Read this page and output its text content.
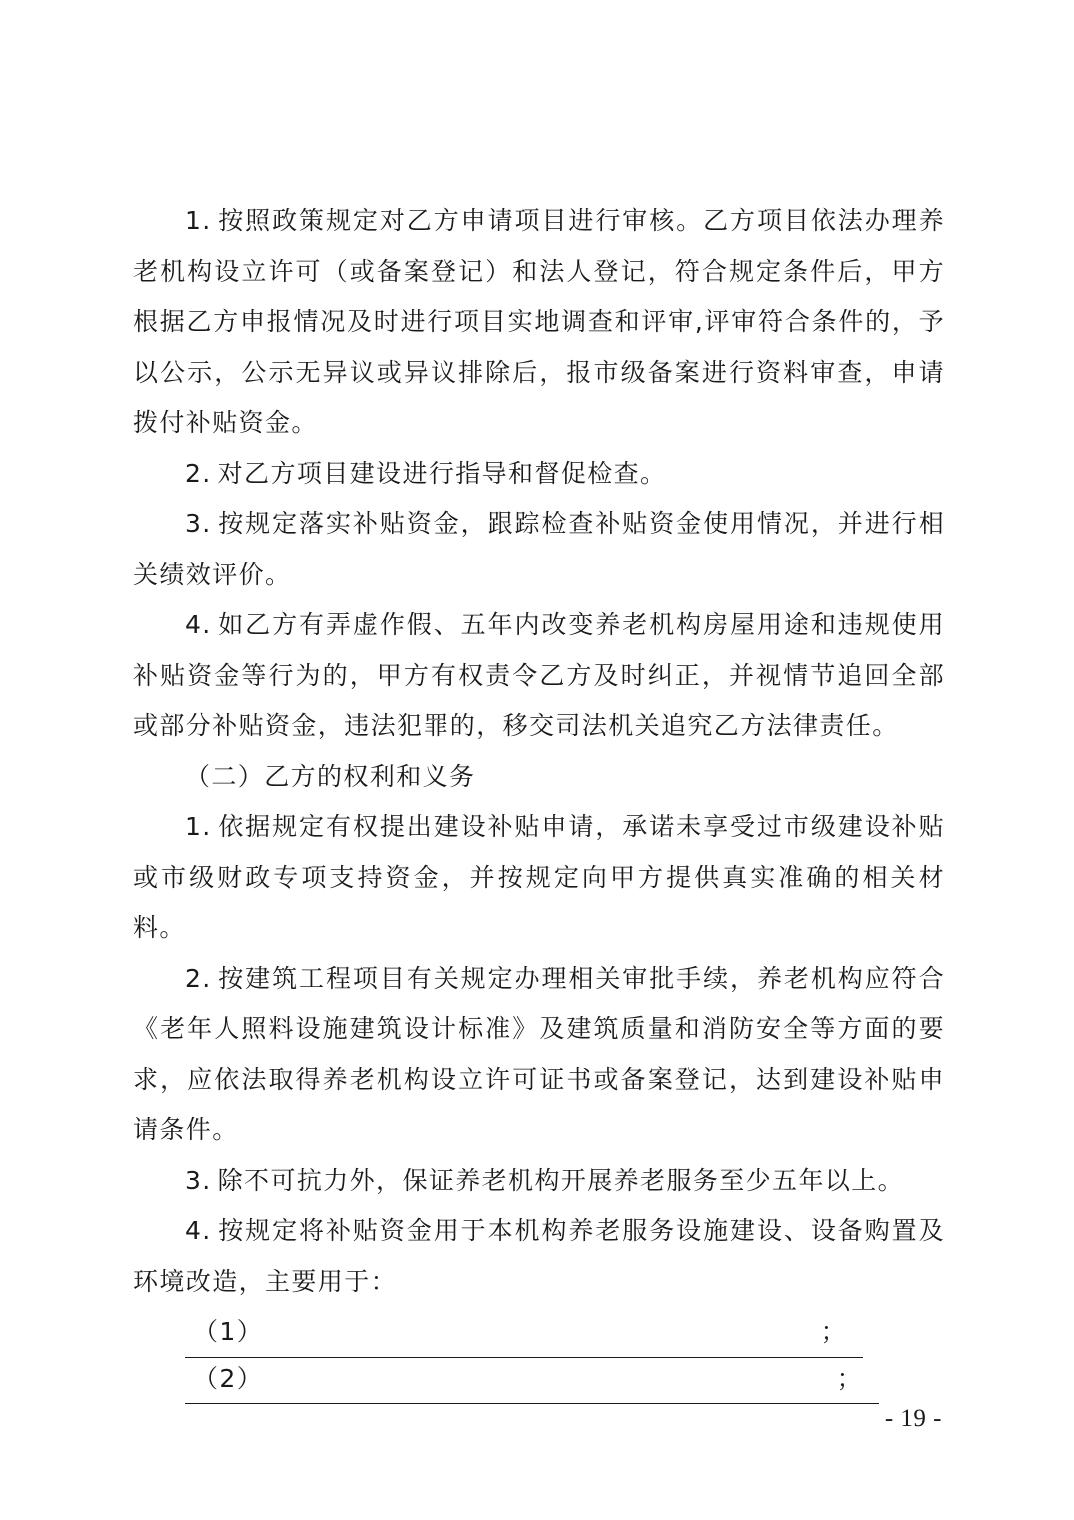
1. 按照政策规定对乙方申请项目进行审核。乙方项目依法办理养老机构设立许可（或备案登记）和法人登记，符合规定条件后，甲方根据乙方申报情况及时进行项目实地调查和评审,评审符合条件的，予以公示，公示无异议或异议排除后，报市级备案进行资料审查，申请拨付补贴资金。

2. 对乙方项目建设进行指导和督促检查。

3. 按规定落实补贴资金，跟踪检查补贴资金使用情况，并进行相关绩效评价。

4. 如乙方有弄虚作假、五年内改变养老机构房屋用途和违规使用补贴资金等行为的，甲方有权责令乙方及时纠正，并视情节追回全部或部分补贴资金，违法犯罪的，移交司法机关追究乙方法律责任。

（二）乙方的权利和义务

1. 依据规定有权提出建设补贴申请，承诺未享受过市级建设补贴或市级财政专项支持资金，并按规定向甲方提供真实准确的相关材料。

2. 按建筑工程项目有关规定办理相关审批手续，养老机构应符合《老年人照料设施建筑设计标准》及建筑质量和消防安全等方面的要求，应依法取得养老机构设立许可证书或备案登记，达到建设补贴申请条件。

3. 除不可抗力外，保证养老机构开展养老服务至少五年以上。

4. 按规定将补贴资金用于本机构养老服务设施建设、设备购置及环境改造，主要用于：

（1）	；
（2）	；
- 19 -
